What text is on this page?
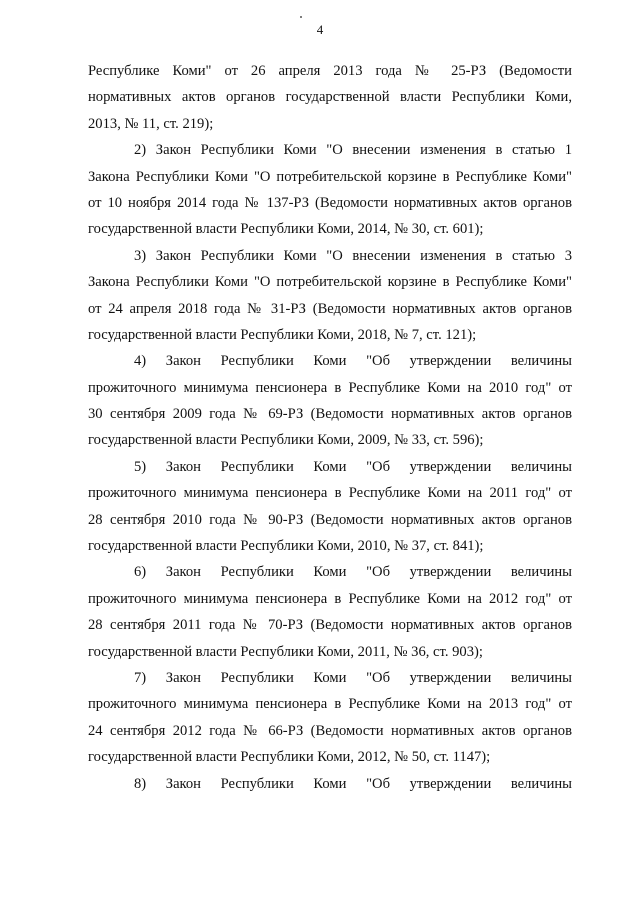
4
Республике Коми" от 26 апреля 2013 года № 25-РЗ (Ведомости
нормативных актов органов государственной власти Республики Коми,
2013, № 11, ст. 219);
2) Закон Республики Коми "О внесении изменения в статью 1
Закона Республики Коми "О потребительской корзине в Республике Коми"
от 10 ноября 2014 года № 137-РЗ (Ведомости нормативных актов органов
государственной власти Республики Коми, 2014, № 30, ст. 601);
3) Закон Республики Коми "О внесении изменения в статью 3
Закона Республики Коми "О потребительской корзине в Республике Коми"
от 24 апреля 2018 года № 31-РЗ (Ведомости нормативных актов органов
государственной власти Республики Коми, 2018, № 7, ст. 121);
4) Закон Республики Коми "Об утверждении величины
прожиточного минимума пенсионера в Республике Коми на 2010 год" от
30 сентября 2009 года № 69-РЗ (Ведомости нормативных актов органов
государственной власти Республики Коми, 2009, № 33, ст. 596);
5) Закон Республики Коми "Об утверждении величины
прожиточного минимума пенсионера в Республике Коми на 2011 год" от
28 сентября 2010 года № 90-РЗ (Ведомости нормативных актов органов
государственной власти Республики Коми, 2010, № 37, ст. 841);
6) Закон Республики Коми "Об утверждении величины
прожиточного минимума пенсионера в Республике Коми на 2012 год" от
28 сентября 2011 года № 70-РЗ (Ведомости нормативных актов органов
государственной власти Республики Коми, 2011, № 36, ст. 903);
7) Закон Республики Коми "Об утверждении величины
прожиточного минимума пенсионера в Республике Коми на 2013 год" от
24 сентября 2012 года № 66-РЗ (Ведомости нормативных актов органов
государственной власти Республики Коми, 2012, № 50, ст. 1147);
8) Закон Республики Коми "Об утверждении величины
